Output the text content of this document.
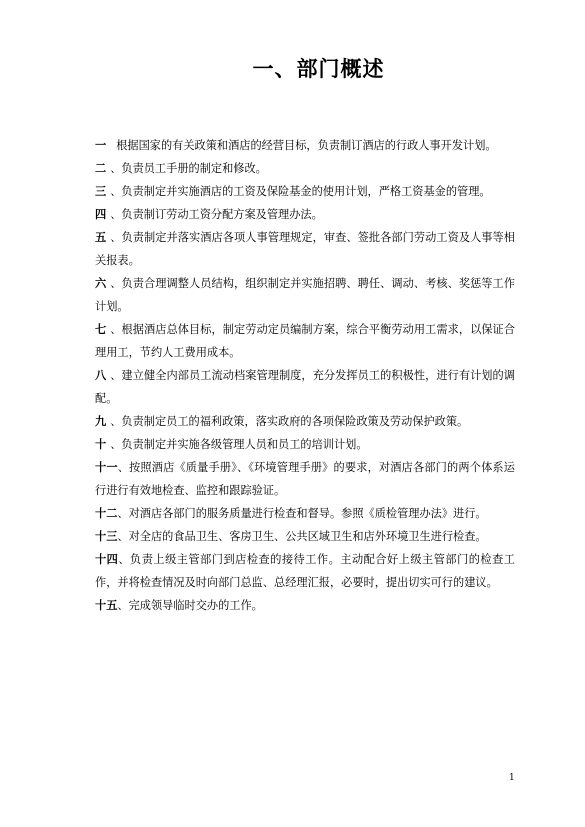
一、部门概述
一 根据国家的有关政策和酒店的经营目标，负责制订酒店的行政人事开发计划。
二 、负责员工手册的制定和修改。
三 、负责制定并实施酒店的工资及保险基金的使用计划，严格工资基金的管理。
四 、负责制订劳动工资分配方案及管理办法。
五 、负责制定并落实酒店各项人事管理规定，审查、签批各部门劳动工资及人事等相关报表。
六 、负责合理调整人员结构，组织制定并实施招聘、聘任、调动、考核、奖惩等工作计划。
七 、根据酒店总体目标，制定劳动定员编制方案，综合平衡劳动用工需求，以保证合理用工，节约人工费用成本。
八 、建立健全内部员工流动档案管理制度，充分发挥员工的积极性，进行有计划的调配。
九 、负责制定员工的福利政策，落实政府的各项保险政策及劳动保护政策。
十 、负责制定并实施各级管理人员和员工的培训计划。
十一、按照酒店《质量手册》、《环境管理手册》的要求，对酒店各部门的两个体系运行进行有效地检查、监控和跟踪验证。
十二、对酒店各部门的服务质量进行检查和督导。参照《质检管理办法》进行。
十三、对全店的食品卫生、客房卫生、公共区域卫生和店外环境卫生进行检查。
十四、负责上级主管部门到店检查的接待工作。主动配合好上级主管部门的检查工作，并将检查情况及时向部门总监、总经理汇报，必要时，提出切实可行的建议。
十五、完成领导临时交办的工作。
1
